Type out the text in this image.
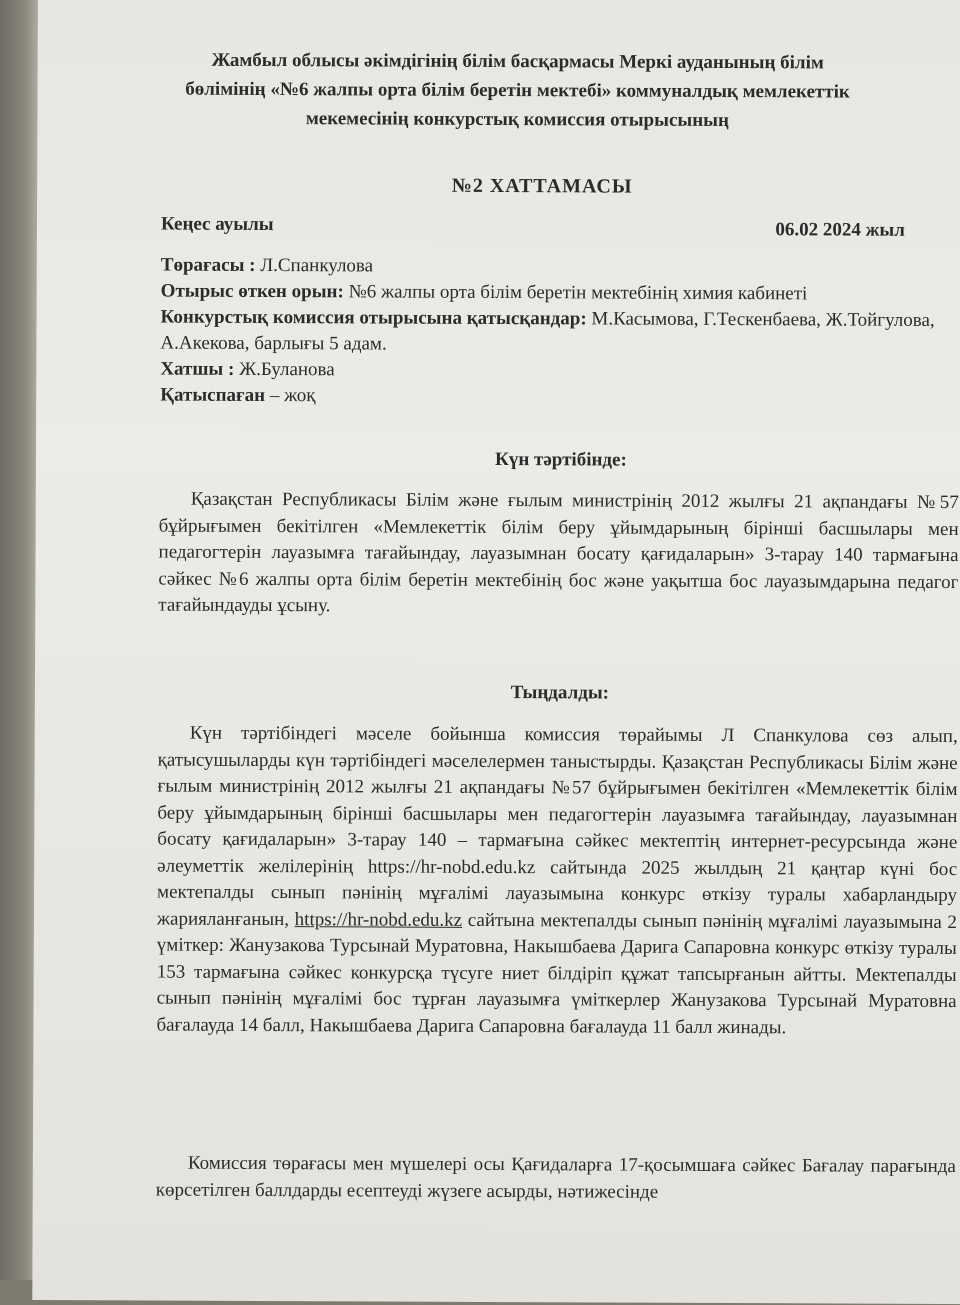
Жамбыл облысы әкімдігінің білім басқармасы Меркі ауданының білім
бөлімінің «№6 жалпы орта білім беретін мектебі» коммуналдық мемлекеттік
мекемесінің конкурстық комиссия отырысының
№2 ХАТТАМАСЫ
Кеңес ауылы	06.02 2024 жыл
Төрағасы : Л.Спанкулова
Отырыс өткен орын: №6 жалпы орта білім беретін мектебінің химия кабинеті
Конкурстық комиссия отырысына қатысқандар: М.Касымова, Г.Тескенбаева, Ж.Тойгулова, А.Акекова, барлығы 5 адам.
Хатшы : Ж.Буланова
Қатыспаған – жоқ
Күн тәртібінде:
Қазақстан Республикасы Білім және ғылым министрінің 2012 жылғы 21 ақпандағы №57 бұйрығымен бекітілген «Мемлекеттік білім беру ұйымдарының бірінші басшылары мен педагогтерін лауазымға тағайындау, лауазымнан босату қағидаларын» 3-тарау 140 тармағына сәйкес №6 жалпы орта білім беретін мектебінің бос және уақытша бос лауазымдарына педагог тағайындауды ұсыну.
Тыңдалды:
Күн тәртібіндегі мәселе бойынша комиссия төрайымы Л Спанкулова сөз алып, қатысушыларды күн тәртібіндегі мәселелермен таныстырды. Қазақстан Республикасы Білім және ғылым министрінің 2012 жылғы 21 ақпандағы №57 бұйрығымен бекітілген «Мемлекеттік білім беру ұйымдарының бірінші басшылары мен педагогтерін лауазымға тағайындау, лауазымнан босату қағидаларын» 3-тарау 140 – тармағына сәйкес мектептің интернет-ресурсында және әлеуметтік желілерінің https://hr-nobd.edu.kz сайтында 2025 жылдың 21 қаңтар күні бос мектепалды сынып пәнінің мұғалімі лауазымына конкурс өткізу туралы хабарландыру жарияланғанын, https://hr-nobd.edu.kz сайтына мектепалды сынып пәнінің мұғалімі лауазымына 2 үміткер: Жанузакова Турсынай Муратовна, Накышбаева Дарига Сапаровна конкурс өткізу туралы 153 тармағына сәйкес конкурсқа түсуге ниет білдіріп құжат тапсырғанын айтты. Мектепалды сынып пәнінің мұғалімі бос тұрған лауазымға үміткерлер Жанузакова Турсынай Муратовна бағалауда 14 балл, Накышбаева Дарига Сапаровна бағалауда 11 балл жинады.
Комиссия төрағасы мен мүшелері осы Қағидаларға 17-қосымшаға сәйкес Бағалау парағында көрсетілген баллдарды есептеуді жүзеге асырды, нәтижесінде
